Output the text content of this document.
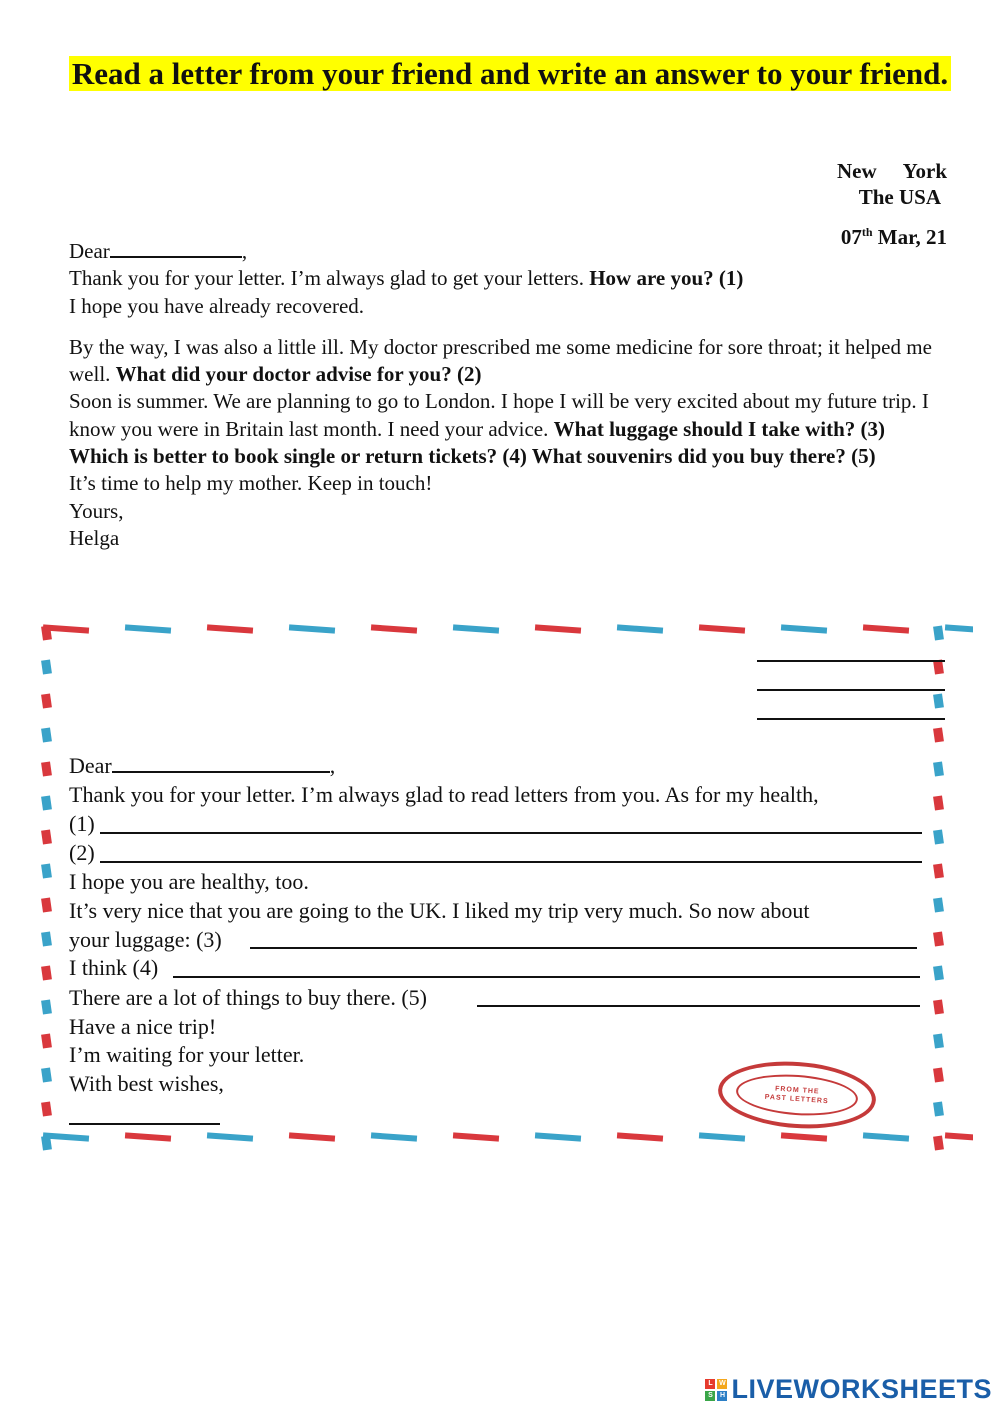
Read a letter from your friend and write an answer to your friend.
New York
The USA
07th Mar, 21

Dear	,

Thank you for your letter. I’m always glad to get your letters. How are you? (1)
I hope you have already recovered.

By the way, I was also a little ill. My doctor prescribed me some medicine for sore throat; it helped me well. What did your doctor advise for you? (2)

Soon is summer. We are planning to go to London. I hope I will be very excited about my future trip. I know you were in Britain last month. I need your advice. What luggage should I take with? (3) Which is better to book single or return tickets? (4) What souvenirs did you buy there? (5)

It’s time to help my mother. Keep in touch!

Yours,

Helga

Dear	,
Thank you for your letter. I’m always glad to read letters from you. As for my health,
(1)
(2)
I hope you are healthy, too.
It’s very nice that you are going to the UK. I liked my trip very much. So now about
your luggage: (3)
I think (4)
There are a lot of things to buy there. (5)
Have a nice trip!
I’m waiting for your letter.
With best wishes,	FROM THE
PAST LETTERS
L W
S	H LIVEWORKSHEETS
